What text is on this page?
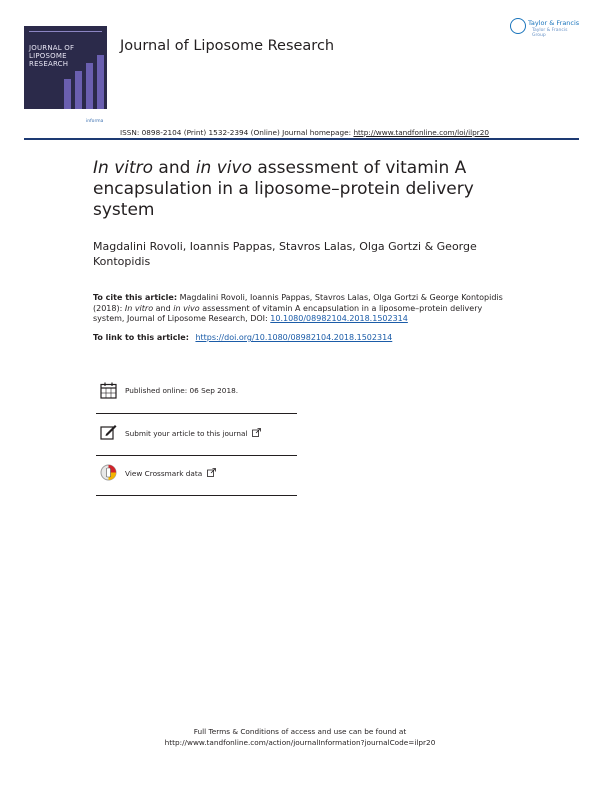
JOURNAL OF LIPOSOME RESEARCH
Journal of Liposome Research
informa
Taylor & Francis
Taylor & Francis Group
ISSN: 0898-2104 (Print) 1532-2394 (Online) Journal homepage: http://www.tandfonline.com/loi/ilpr20
In vitro and in vivo assessment of vitamin A encapsulation in a liposome–protein delivery system
Magdalini Rovoli, Ioannis Pappas, Stavros Lalas, Olga Gortzi & George Kontopidis
To cite this article: Magdalini Rovoli, Ioannis Pappas, Stavros Lalas, Olga Gortzi & George Kontopidis (2018): In vitro and in vivo assessment of vitamin A encapsulation in a liposome–protein delivery system, Journal of Liposome Research, DOI: 10.1080/08982104.2018.1502314
To link to this article: https://doi.org/10.1080/08982104.2018.1502314
Published online: 06 Sep 2018.
Submit your article to this journal
View Crossmark data
Full Terms & Conditions of access and use can be found at
http://www.tandfonline.com/action/journalInformation?journalCode=ilpr20
